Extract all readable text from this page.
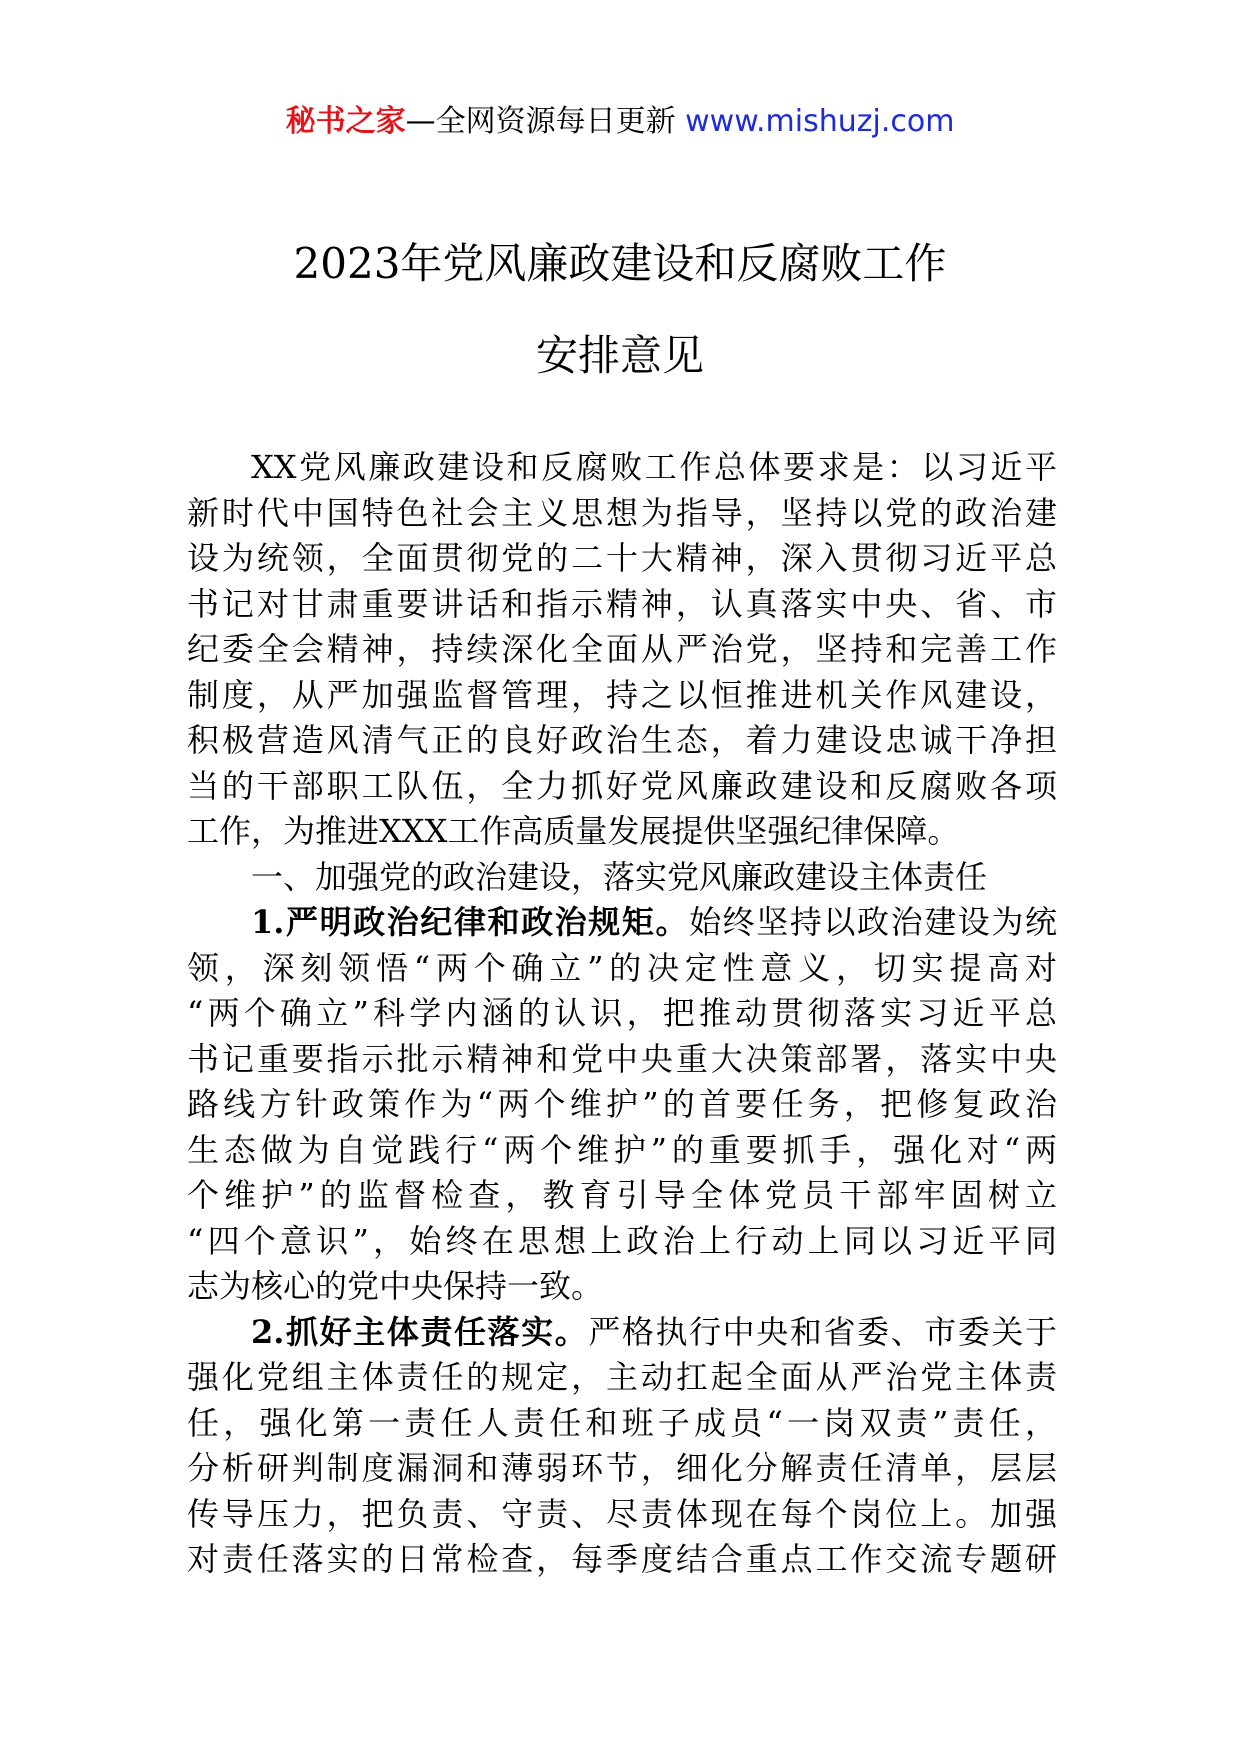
秘书之家—全网资源每日更新 www.mishuzj.com
2023年党风廉政建设和反腐败工作
安排意见
XX党风廉政建设和反腐败工作总体要求是：以习近平
新时代中国特色社会主义思想为指导，坚持以党的政治建
设为统领，全面贯彻党的二十大精神，深入贯彻习近平总
书记对甘肃重要讲话和指示精神，认真落实中央、省、市
纪委全会精神，持续深化全面从严治党，坚持和完善工作
制度，从严加强监督管理，持之以恒推进机关作风建设，
积极营造风清气正的良好政治生态，着力建设忠诚干净担
当的干部职工队伍，全力抓好党风廉政建设和反腐败各项
工作，为推进XXX工作高质量发展提供坚强纪律保障。
一、加强党的政治建设，落实党风廉政建设主体责任
1.严明政治纪律和政治规矩。始终坚持以政治建设为统
领，深刻领悟“两个确立”的决定性意义，切实提高对
“两个确立”科学内涵的认识，把推动贯彻落实习近平总
书记重要指示批示精神和党中央重大决策部署，落实中央
路线方针政策作为“两个维护”的首要任务，把修复政治
生态做为自觉践行“两个维护”的重要抓手，强化对“两
个维护”的监督检查，教育引导全体党员干部牢固树立
“四个意识”，始终在思想上政治上行动上同以习近平同
志为核心的党中央保持一致。
2.抓好主体责任落实。严格执行中央和省委、市委关于
强化党组主体责任的规定，主动扛起全面从严治党主体责
任，强化第一责任人责任和班子成员“一岗双责”责任，
分析研判制度漏洞和薄弱环节，细化分解责任清单，层层
传导压力，把负责、守责、尽责体现在每个岗位上。加强
对责任落实的日常检查，每季度结合重点工作交流专题研
